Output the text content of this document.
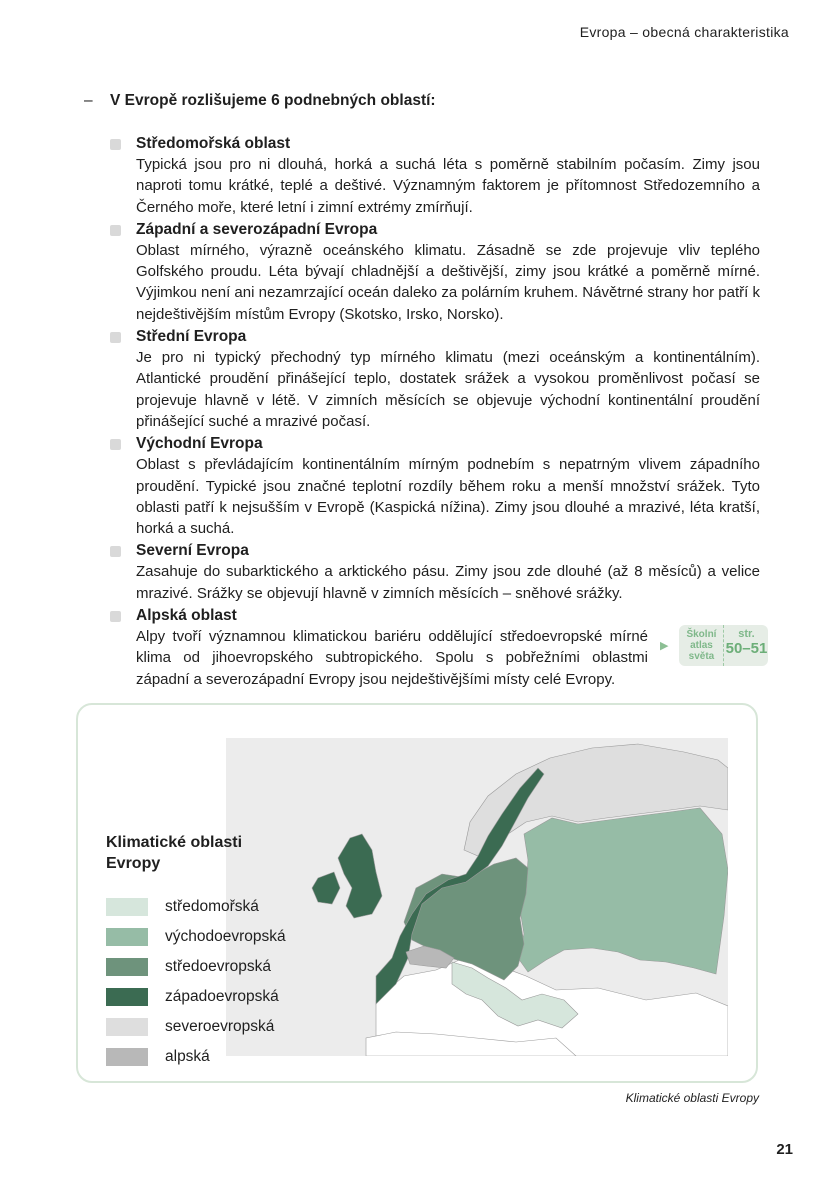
Evropa – obecná charakteristika
– V Evropě rozlišujeme 6 podnebných oblastí:
Středomořská oblast
Typická jsou pro ni dlouhá, horká a suchá léta s poměrně stabilním počasím. Zimy jsou naproti tomu krátké, teplé a deštivé. Významným faktorem je přítomnost Středozemního a Černého moře, které letní i zimní extrémy zmírňují.
Západní a severozápadní Evropa
Oblast mírného, výrazně oceánského klimatu. Zásadně se zde projevuje vliv teplého Golfského proudu. Léta bývají chladnější a deštivější, zimy jsou krátké a poměrně mírné. Výjimkou není ani nezamrzající oceán daleko za polárním kruhem. Návětrné strany hor patří k nejdeštivějším místům Evropy (Skotsko, Irsko, Norsko).
Střední Evropa
Je pro ni typický přechodný typ mírného klimatu (mezi oceánským a kontinentálním). Atlantické proudění přinášející teplo, dostatek srážek a vysokou proměnlivost počasí se projevuje hlavně v létě. V zimních měsících se objevuje východní kontinentální proudění přinášející suché a mrazivé počasí.
Východní Evropa
Oblast s převládajícím kontinentálním mírným podnebím s nepatrným vlivem západního proudění. Typické jsou značné teplotní rozdíly během roku a menší množství srážek. Tyto oblasti patří k nejsušším v Evropě (Kaspická nížina). Zimy jsou dlouhé a mrazivé, léta kratší, horká a suchá.
Severní Evropa
Zasahuje do subarktického a arktického pásu. Zimy jsou zde dlouhé (až 8 měsíců) a velice mrazivé. Srážky se objevují hlavně v zimních měsících – sněhové srážky.
Alpská oblast
Alpy tvoří významnou klimatickou bariéru oddělující středoevropské mírné klima od jihoevropského subtropického. Spolu s pobřežními oblastmi západní a severozápadní Evropy jsou nejdeštivějšími místy celé Evropy.
▶
Školní atlas světa
str.
50–51
Klimatické oblasti Evropy
středomořská
východoevropská
středoevropská
západoevropská
severoevropská
alpská
Klimatické oblasti Evropy
21
